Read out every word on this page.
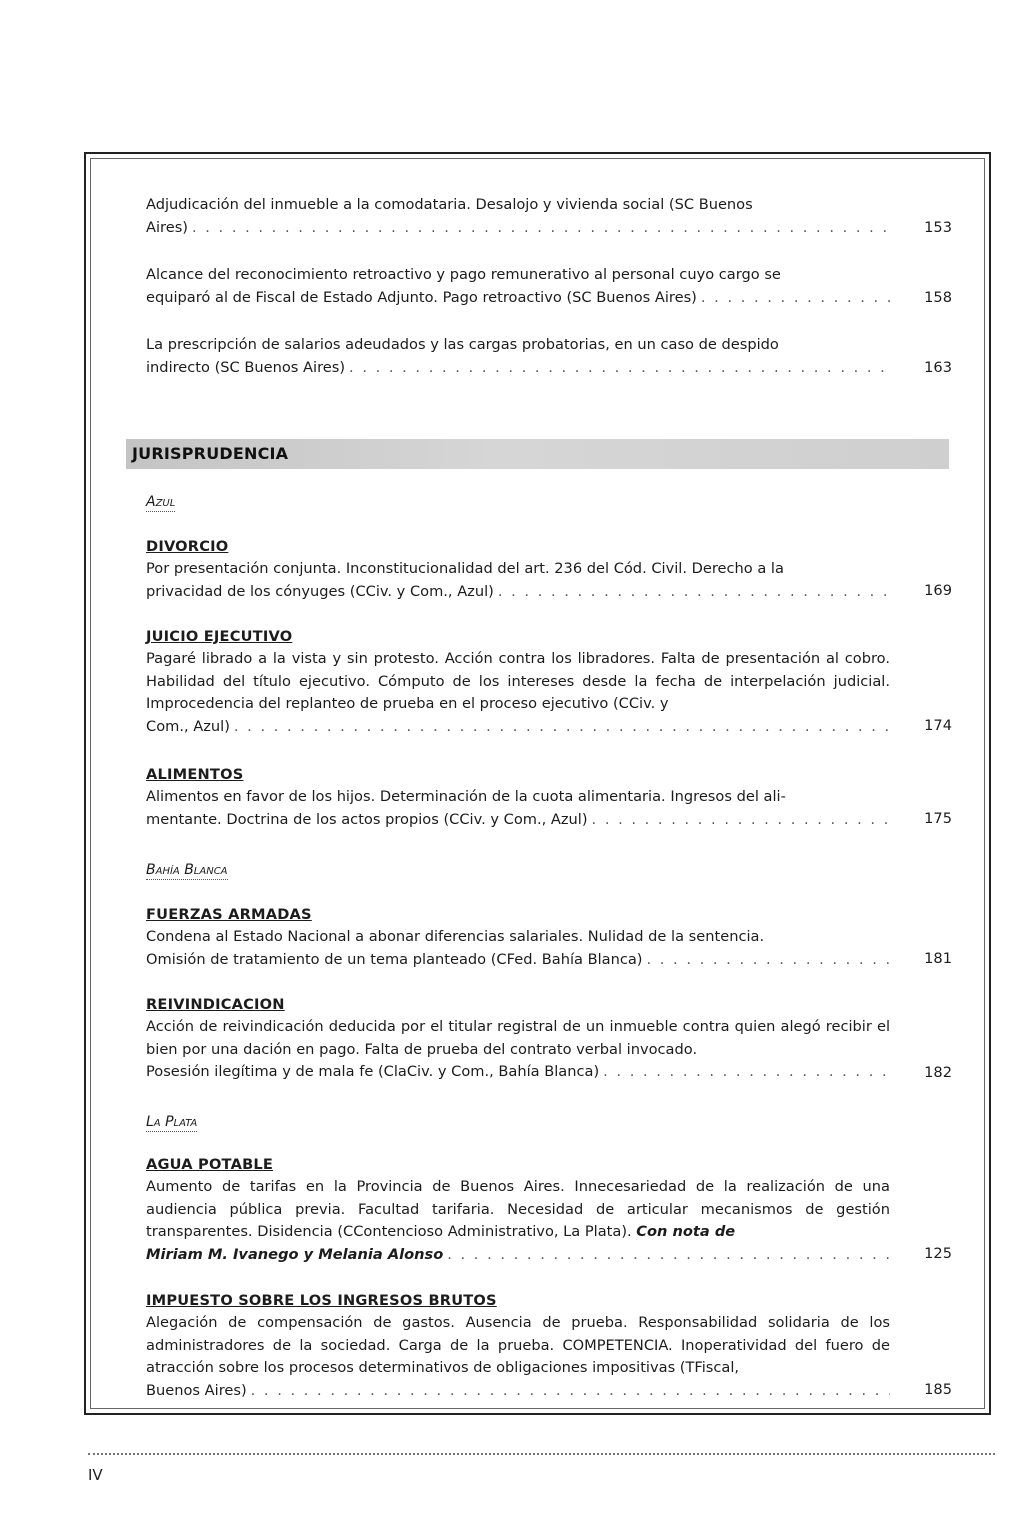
Adjudicación del inmueble a la comodataria. Desalojo y vivienda social (SC Buenos
Aires) . . .	153
Alcance del reconocimiento retroactivo y pago remunerativo al personal cuyo cargo se
equiparó al de Fiscal de Estado Adjunto. Pago retroactivo (SC Buenos Aires) . . .	158
La prescripción de salarios adeudados y las cargas probatorias, en un caso de despido
indirecto (SC Buenos Aires) . . .	163
JURISPRUDENCIA
Azul
DIVORCIO
Por presentación conjunta. Inconstitucionalidad del art. 236 del Cód. Civil. Derecho a la
privacidad de los cónyuges (CCiv. y Com., Azul) . . .	169
JUICIO EJECUTIVO
Pagaré librado a la vista y sin protesto. Acción contra los libradores. Falta de presentación al cobro. Habilidad del título ejecutivo. Cómputo de los intereses desde la fecha de interpelación judicial. Improcedencia del replanteo de prueba en el proceso ejecutivo (CCiv. y
Com., Azul) . . .	174
ALIMENTOS
Alimentos en favor de los hijos. Determinación de la cuota alimentaria. Ingresos del ali-
mentante. Doctrina de los actos propios (CCiv. y Com., Azul) . . .	175
Bahía Blanca
FUERZAS ARMADAS
Condena al Estado Nacional a abonar diferencias salariales. Nulidad de la sentencia.
Omisión de tratamiento de un tema planteado (CFed. Bahía Blanca) . . .	181
REIVINDICACION
Acción de reivindicación deducida por el titular registral de un inmueble contra quien alegó recibir el bien por una dación en pago. Falta de prueba del contrato verbal invocado.
Posesión ilegítima y de mala fe (ClaCiv. y Com., Bahía Blanca) . . .	182
La Plata
AGUA POTABLE
Aumento de tarifas en la Provincia de Buenos Aires. Innecesariedad de la realización de una audiencia pública previa. Facultad tarifaria. Necesidad de articular mecanismos de gestión transparentes. Disidencia (CContencioso Administrativo, La Plata). Con nota de
Miriam M. Ivanego y Melania Alonso . . .	125
IMPUESTO SOBRE LOS INGRESOS BRUTOS
Alegación de compensación de gastos. Ausencia de prueba. Responsabilidad solidaria de los administradores de la sociedad. Carga de la prueba. COMPETENCIA. Inoperatividad del fuero de atracción sobre los procesos determinativos de obligaciones impositivas (TFiscal,
Buenos Aires) . . .	185
IV
